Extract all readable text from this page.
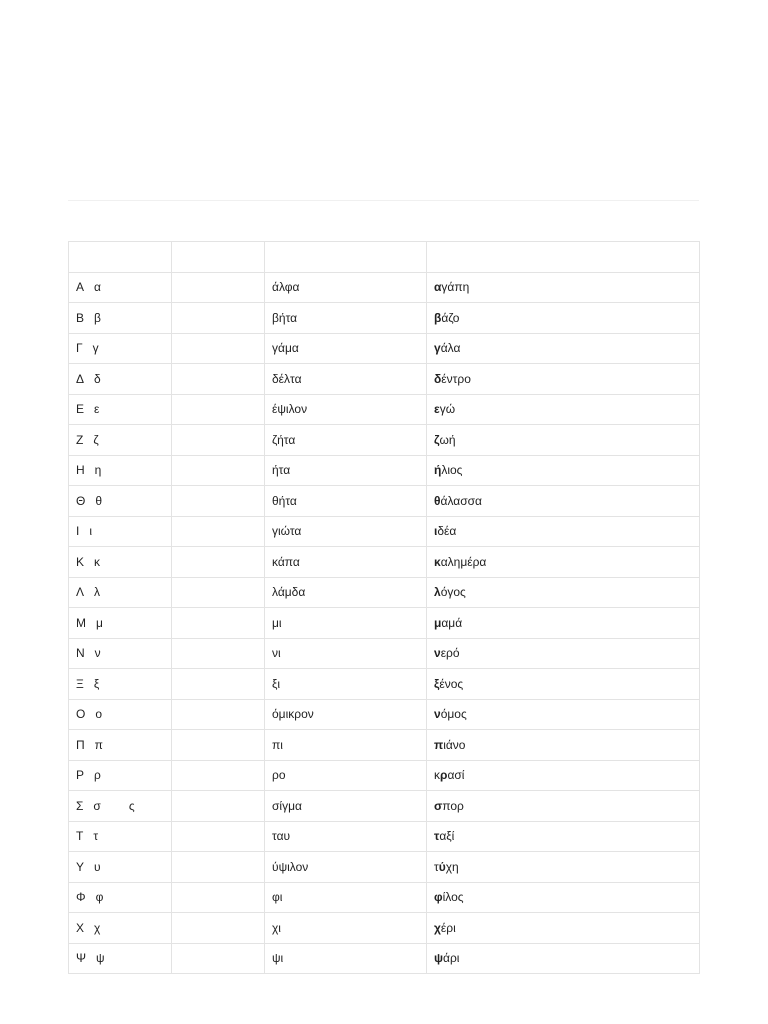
Α α		άλφα	αγάπη
Β β		βήτα	βάζο
Γ γ		γάμα	γάλα
Δ δ		δέλτα	δέντρο
Ε ε		έψιλον	εγώ
Ζ ζ		ζήτα	ζωή
Η η		ήτα	ήλιος
Θ θ		θήτα	θάλασσα
Ι ι		γιώτα	ιδέα
Κ κ		κάπα	καλημέρα
Λ λ		λάμδα	λόγος
Μ μ		μι	μαμά
Ν ν		νι	νερό
Ξ ξ		ξι	ξένος
Ο ο		όμικρον	νόμος
Π π		πι	πιάνο
Ρ ρ		ρο	κρασί
Σ σ ς		σίγμα	σπορ
Τ τ		ταυ	ταξί
Υ υ		ύψιλον	τύχη
Φ φ		φι	φίλος
Χ χ		χι	χέρι
Ψ ψ		ψι	ψάρι
